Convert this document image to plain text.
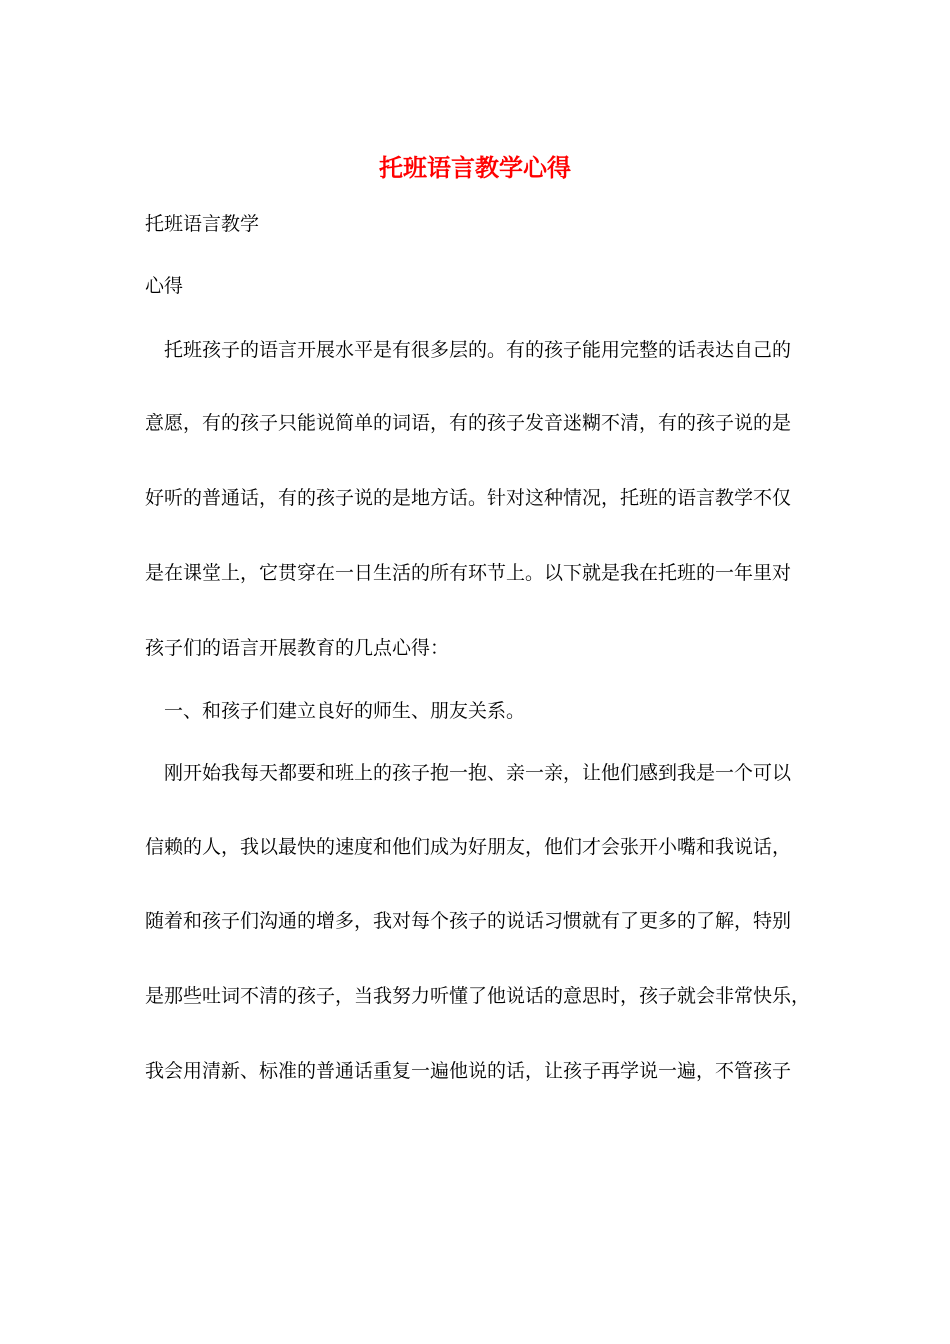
托班语言教学心得
托班语言教学
心得
　托班孩子的语言开展水平是有很多层的。有的孩子能用完整的话表达自己的
意愿，有的孩子只能说简单的词语，有的孩子发音迷糊不清，有的孩子说的是
好听的普通话，有的孩子说的是地方话。针对这种情况，托班的语言教学不仅
是在课堂上，它贯穿在一日生活的所有环节上。以下就是我在托班的一年里对
孩子们的语言开展教育的几点心得：
　一、和孩子们建立良好的师生、朋友关系。
　刚开始我每天都要和班上的孩子抱一抱、亲一亲，让他们感到我是一个可以
信赖的人，我以最快的速度和他们成为好朋友，他们才会张开小嘴和我说话，
随着和孩子们沟通的增多，我对每个孩子的说话习惯就有了更多的了解，特别
是那些吐词不清的孩子，当我努力听懂了他说话的意思时，孩子就会非常快乐，
我会用清新、标准的普通话重复一遍他说的话，让孩子再学说一遍，不管孩子
